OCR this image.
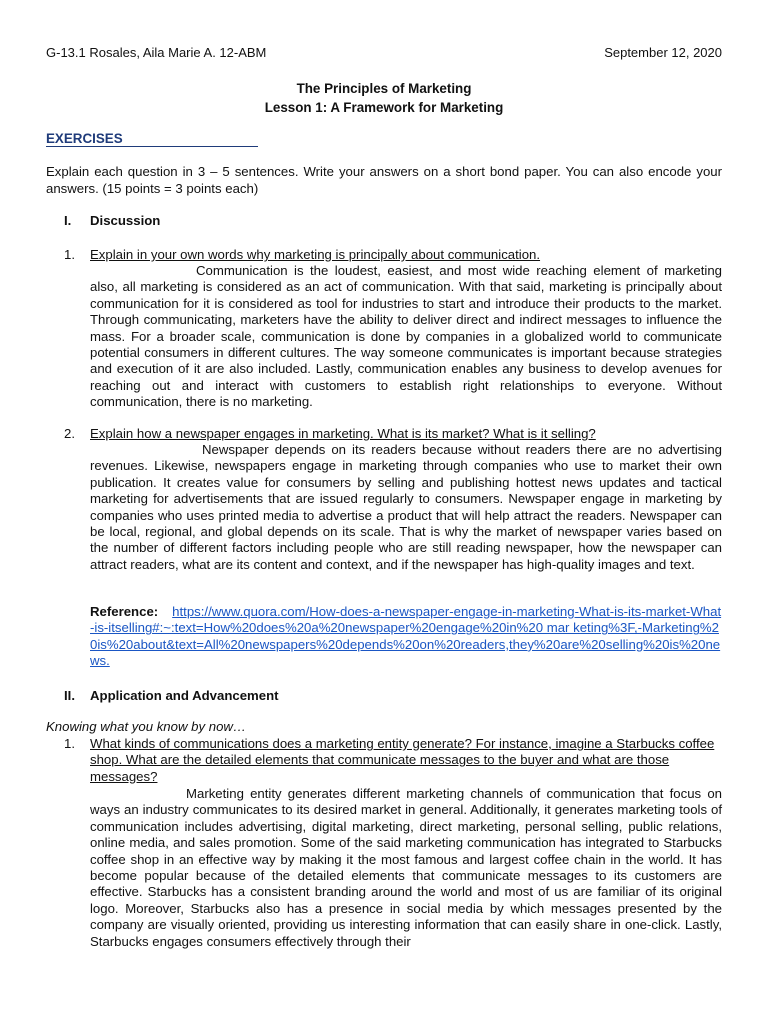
G-13.1 Rosales, Aila Marie A. 12-ABM	September 12, 2020
The Principles of Marketing
Lesson 1: A Framework for Marketing
EXERCISES
Explain each question in 3 – 5 sentences. Write your answers on a short bond paper. You can also encode your answers. (15 points = 3 points each)
I. Discussion
1. Explain in your own words why marketing is principally about communication.
Communication is the loudest, easiest, and most wide reaching element of marketing also, all marketing is considered as an act of communication. With that said, marketing is principally about communication for it is considered as tool for industries to start and introduce their products to the market. Through communicating, marketers have the ability to deliver direct and indirect messages to influence the mass. For a broader scale, communication is done by companies in a globalized world to communicate potential consumers in different cultures. The way someone communicates is important because strategies and execution of it are also included. Lastly, communication enables any business to develop avenues for reaching out and interact with customers to establish right relationships to everyone. Without communication, there is no marketing.
2. Explain how a newspaper engages in marketing. What is its market? What is it selling?
Newspaper depends on its readers because without readers there are no advertising revenues. Likewise, newspapers engage in marketing through companies who use to market their own publication. It creates value for consumers by selling and publishing hottest news updates and tactical marketing for advertisements that are issued regularly to consumers. Newspaper engage in marketing by companies who uses printed media to advertise a product that will help attract the readers. Newspaper can be local, regional, and global depends on its scale. That is why the market of newspaper varies based on the number of different factors including people who are still reading newspaper, how the newspaper can attract readers, what are its content and context, and if the newspaper has high-quality images and text.
Reference: https://www.quora.com/How-does-a-newspaper-engage-in-marketing-What-is-its-market-What-is-itselling#:~:text=How%20does%20a%20newspaper%20engage%20in%20 mar keting%3F,-Marketing%20is%20about&text=All%20newspapers%20depends%20on%20readers,they%20are%20selling%20is%20news.
II. Application and Advancement
Knowing what you know by now…
1. What kinds of communications does a marketing entity generate? For instance, imagine a Starbucks coffee shop. What are the detailed elements that communicate messages to the buyer and what are those messages?
Marketing entity generates different marketing channels of communication that focus on ways an industry communicates to its desired market in general. Additionally, it generates marketing tools of communication includes advertising, digital marketing, direct marketing, personal selling, public relations, online media, and sales promotion. Some of the said marketing communication has integrated to Starbucks coffee shop in an effective way by making it the most famous and largest coffee chain in the world. It has become popular because of the detailed elements that communicate messages to its customers are effective. Starbucks has a consistent branding around the world and most of us are familiar of its original logo. Moreover, Starbucks also has a presence in social media by which messages presented by the company are visually oriented, providing us interesting information that can easily share in one-click. Lastly, Starbucks engages consumers effectively through their
